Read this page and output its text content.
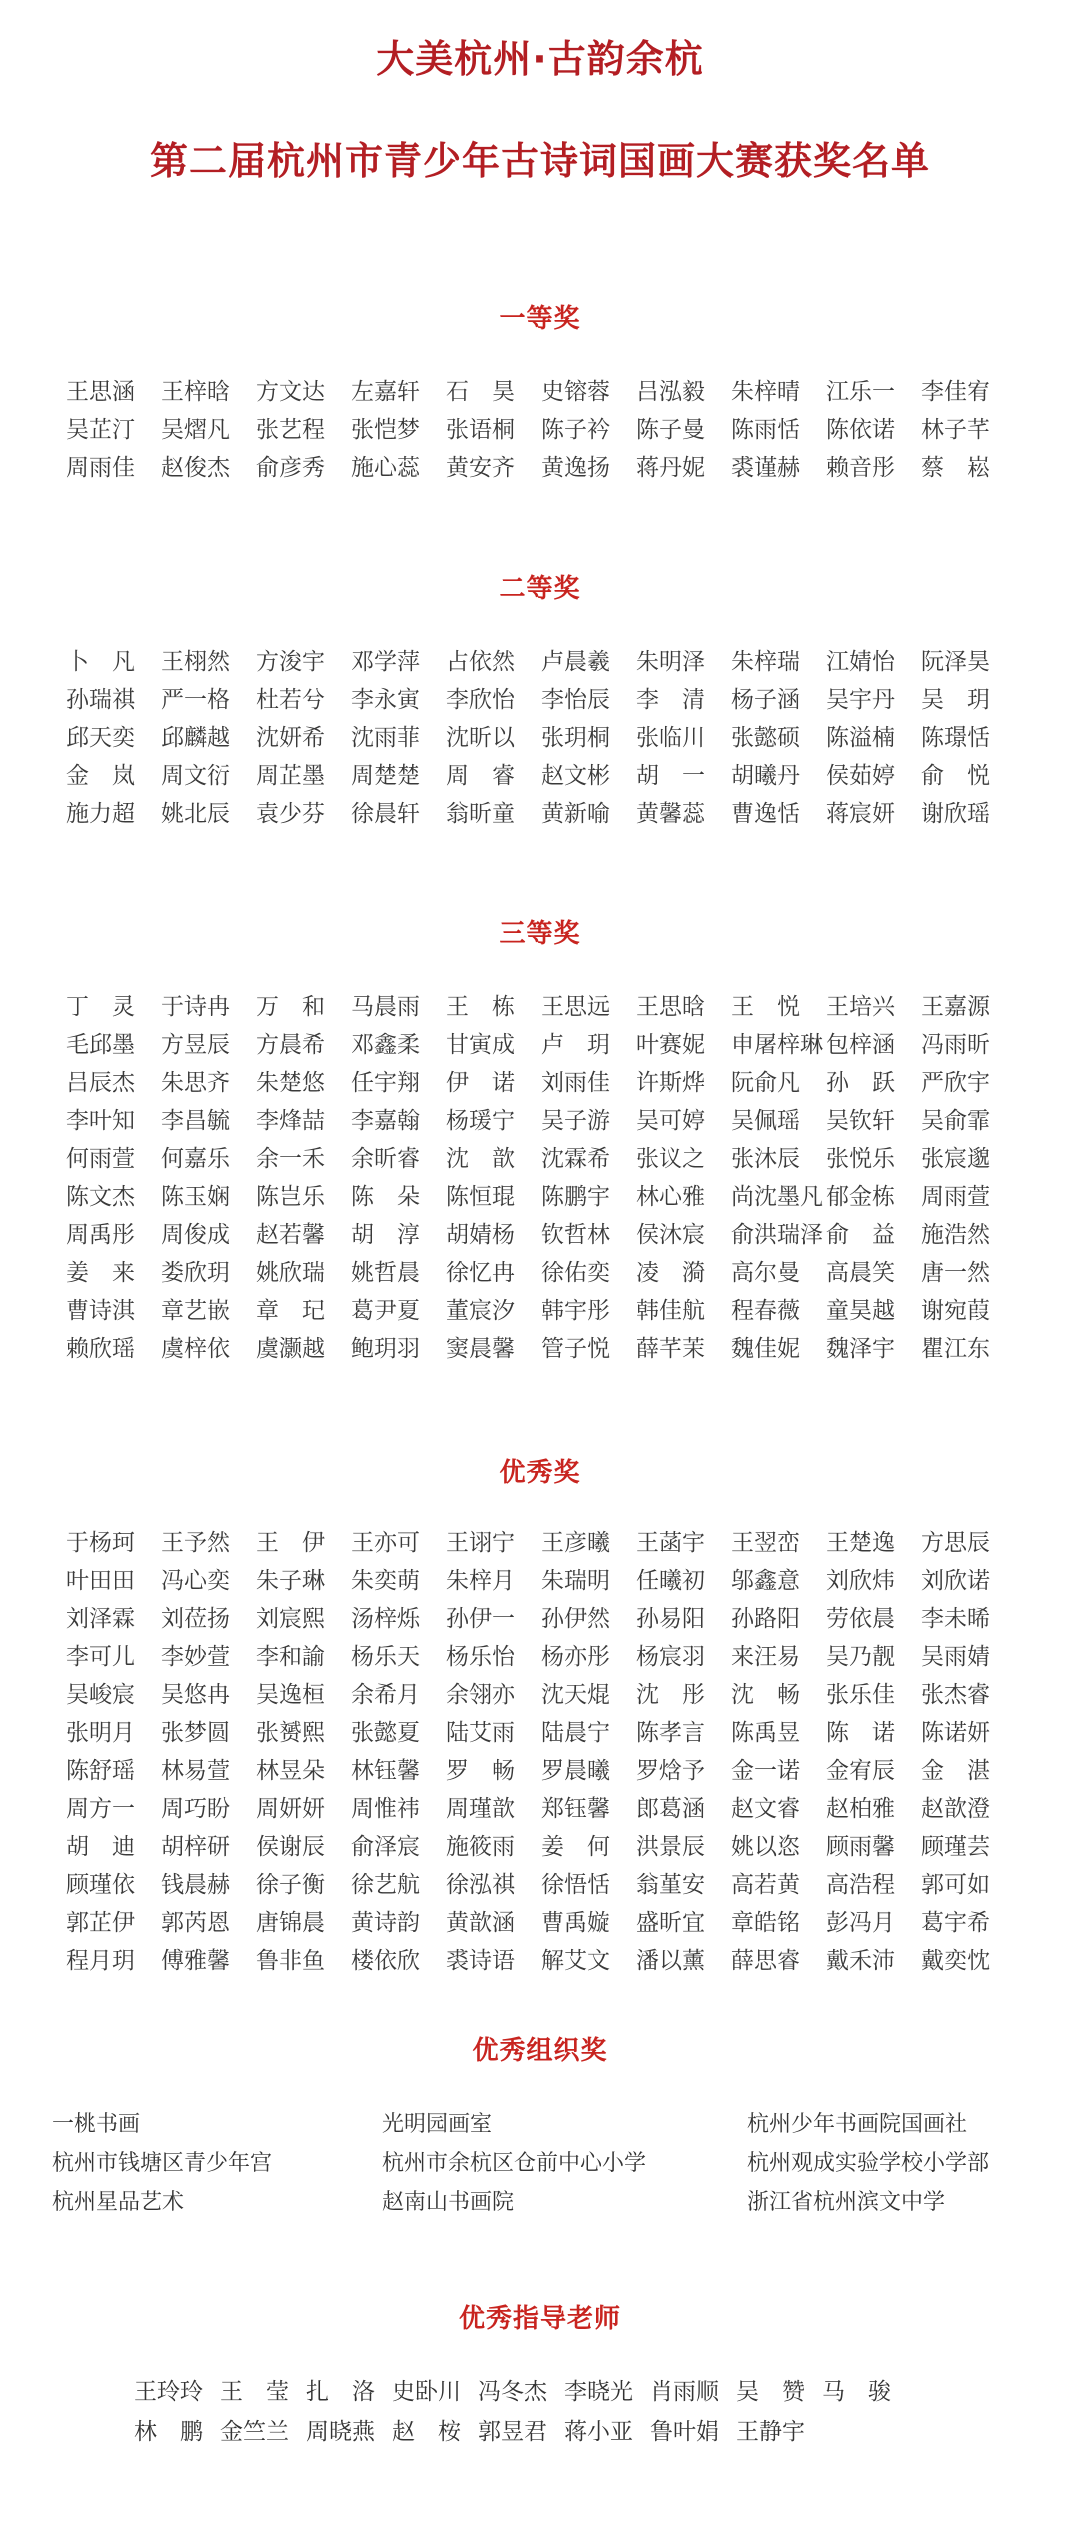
大美杭州·古韵余杭
第二届杭州市青少年古诗词国画大赛获奖名单
一等奖
王思涵	王梓晗	方文达	左嘉轩	石　昊	史镕蓉	吕泓毅	朱梓晴	江乐一	李佳宥
吴芷汀	吴熠凡	张艺程	张恺梦	张语桐	陈子衿	陈子曼	陈雨恬	陈依诺	林子芊
周雨佳	赵俊杰	俞彦秀	施心蕊	黄安齐	黄逸扬	蒋丹妮	裘谨赫	赖音彤	蔡　崧
二等奖
卜　凡	王栩然	方浚宇	邓学萍	占依然	卢晨羲	朱明泽	朱梓瑞	江婧怡	阮泽昊
孙瑞祺	严一格	杜若兮	李永寅	李欣怡	李怡辰	李　清	杨子涵	吴宇丹	吴　玥
邱天奕	邱麟越	沈妍希	沈雨菲	沈昕以	张玥桐	张临川	张懿硕	陈溢楠	陈璟恬
金　岚	周文衍	周芷墨	周楚楚	周　睿	赵文彬	胡　一	胡曦丹	侯茹婷	俞　悦
施力超	姚北辰	袁少芬	徐晨轩	翁昕童	黄新喻	黄馨蕊	曹逸恬	蒋宸妍	谢欣瑶
三等奖
丁　灵	于诗冉	万　和	马晨雨	王　栋	王思远	王思晗	王　悦	王培兴	王嘉源
毛邱墨	方昱辰	方晨希	邓鑫柔	甘寅成	卢　玥	叶赛妮	申屠梓琳 包梓涵	冯雨昕
吕辰杰	朱思齐	朱楚悠	任宇翔	伊　诺	刘雨佳	许斯烨	阮俞凡	孙　跃	严欣宇
李叶知	李昌毓	李烽喆	李嘉翰	杨瑗宁	吴子游	吴可婷	吴佩瑶	吴钦轩	吴俞霏
何雨萱	何嘉乐	余一禾	余昕睿	沈　歆	沈霖希	张议之	张沐辰	张悦乐	张宸邈
陈文杰	陈玉娴	陈岂乐	陈　朵	陈恒琨	陈鹏宇	林心雅	尚沈墨凡 郁金栋	周雨萱
周禹彤	周俊成	赵若馨	胡　淳	胡婧杨	钦哲林	侯沐宸	俞洪瑞泽 俞　益	施浩然
姜　来	娄欣玥	姚欣瑞	姚哲晨	徐忆冉	徐佑奕	凌　漪	高尔曼	高晨笑	唐一然
曹诗淇	章艺嵌	章　玘	葛尹夏	董宸汐	韩宇彤	韩佳航	程春薇	童昊越	谢宛葭
赖欣瑶	虞梓依	虞灏越	鲍玥羽	窦晨馨	管子悦	薛芊茉	魏佳妮	魏泽宇	瞿江东
优秀奖
于杨珂	王予然	王　伊	王亦可	王诩宁	王彦曦	王菡宇	王翌峦	王楚逸	方思辰
叶田田	冯心奕	朱子琳	朱奕萌	朱梓月	朱瑞明	任曦初	邬鑫意	刘欣炜	刘欣诺
刘泽霖	刘莅扬	刘宸熙	汤梓烁	孙伊一	孙伊然	孙易阳	孙路阳	劳依晨	李未晞
李可儿	李妙萱	李和諭	杨乐天	杨乐怡	杨亦彤	杨宸羽	来汪易	吴乃靓	吴雨婧
吴峻宸	吴悠冉	吴逸桓	余希月	余翎亦	沈天焜	沈　彤	沈　畅	张乐佳	张杰睿
张明月	张梦圆	张赟熙	张懿夏	陆艾雨	陆晨宁	陈孝言	陈禹昱	陈　诺	陈诺妍
陈舒瑶	林易萱	林昱朵	林钰馨	罗　畅	罗晨曦	罗焓予	金一诺	金宥辰	金　湛
周方一	周巧盼	周妍妍	周惟祎	周瑾歆	郑钰馨	郎葛涵	赵文睿	赵柏雅	赵歆澄
胡　迪	胡梓研	侯谢辰	俞泽宸	施筱雨	姜　何	洪景辰	姚以恣	顾雨馨	顾瑾芸
顾瑾依	钱晨赫	徐子衡	徐艺航	徐泓祺	徐悟恬	翁堇安	高若黄	高浩程	郭可如
郭芷伊	郭芮恩	唐锦晨	黄诗韵	黄歆涵	曹禹嫙	盛昕宜	章皓铭	彭冯月	葛宇希
程月玥	傅雅馨	鲁非鱼	楼依欣	裘诗语	解艾文	潘以薰	薛思睿	戴禾沛	戴奕忱
优秀组织奖
一桃书画	光明园画室	杭州少年书画院国画社
杭州市钱塘区青少年宫	杭州市余杭区仓前中心小学	杭州观成实验学校小学部
杭州星品艺术	赵南山书画院	浙江省杭州滨文中学
优秀指导老师
王玲玲 王　莹 扎　洛 史卧川 冯冬杰 李晓光 肖雨顺 吴　赞 马　骏
林　鹏 金竺兰 周晓燕 赵　桉 郭昱君 蒋小亚 鲁叶娟 王静宇
